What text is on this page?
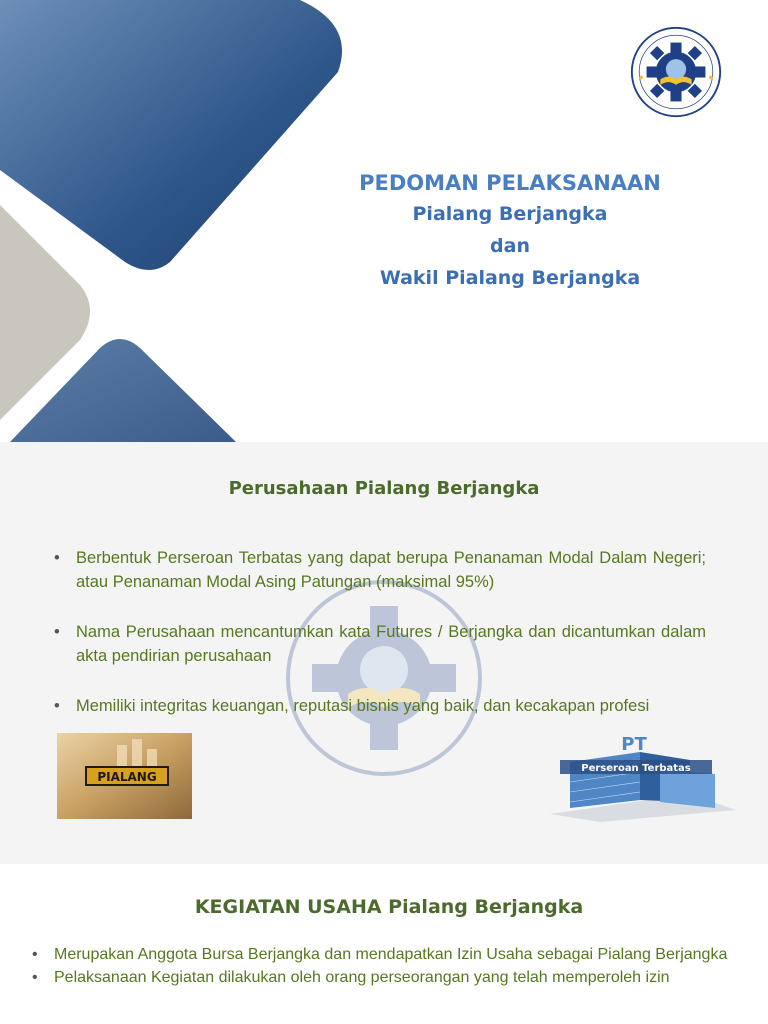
PEDOMAN PELAKSANAAN
Pialang Berjangka
dan
Wakil Pialang Berjangka
Perusahaan Pialang Berjangka
• Berbentuk Perseroan Terbatas yang dapat berupa Penanaman Modal Dalam Negeri; atau Penanaman Modal Asing Patungan (maksimal 95%)
• Nama Perusahaan mencantumkan kata Futures / Berjangka dan dicantumkan dalam akta pendirian perusahaan
• Memiliki integritas keuangan, reputasi bisnis yang baik, dan kecakapan profesi
PIALANG
PT
Perseroan Terbatas
KEGIATAN USAHA Pialang Berjangka
• Merupakan Anggota Bursa Berjangka dan mendapatkan Izin Usaha sebagai Pialang Berjangka
• Pelaksanaan Kegiatan dilakukan oleh orang perseorangan yang telah memperoleh izin
